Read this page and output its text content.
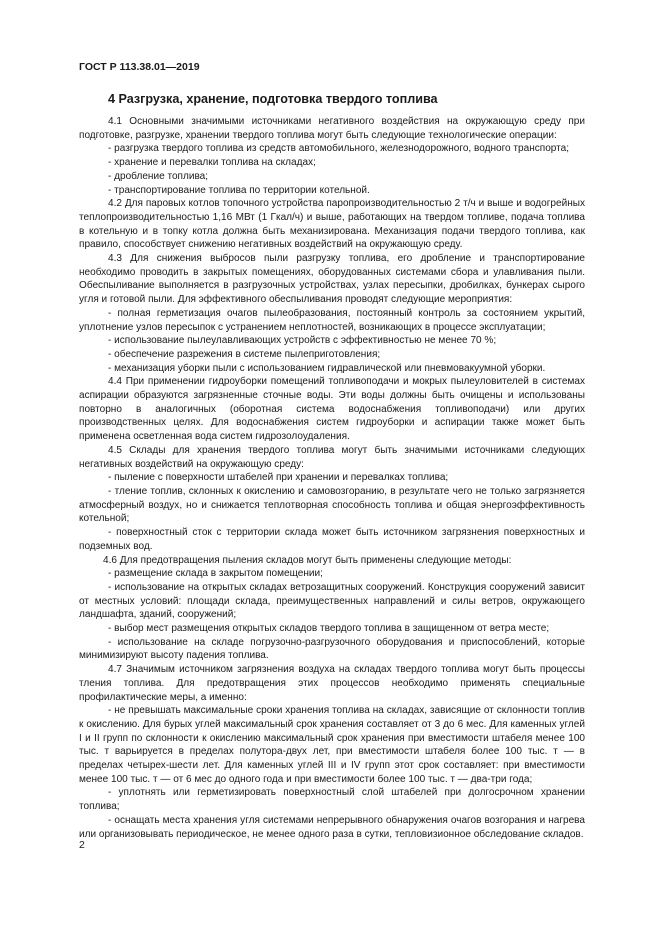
ГОСТ Р 113.38.01—2019
4 Разгрузка, хранение, подготовка твердого топлива

4.1 Основными значимыми источниками негативного воздействия на окружающую среду при подготовке, разгрузке, хранении твердого топлива могут быть следующие технологические операции:

- разгрузка твердого топлива из средств автомобильного, железнодорожного, водного транспорта;

- хранение и перевалки топлива на складах;

- дробление топлива;

- транспортирование топлива по территории котельной.

4.2 Для паровых котлов топочного устройства паропроизводительностью 2 т/ч и выше и водогрейных теплопроизводительностью 1,16 МВт (1 Гкал/ч) и выше, работающих на твердом топливе, подача топлива в котельную и в топку котла должна быть механизирована. Механизация подачи твердого топлива, как правило, способствует снижению негативных воздействий на окружающую среду.

4.3 Для снижения выбросов пыли разгрузку топлива, его дробление и транспортирование необходимо проводить в закрытых помещениях, оборудованных системами сбора и улавливания пыли. Обеспыливание выполняется в разгрузочных устройствах, узлах пересыпки, дробилках, бункерах сырого угля и готовой пыли. Для эффективного обеспыливания проводят следующие мероприятия:

- полная герметизация очагов пылеобразования, постоянный контроль за состоянием укрытий, уплотнение узлов пересыпок с устранением неплотностей, возникающих в процессе эксплуатации;

- использование пылеулавливающих устройств с эффективностью не менее 70 %;

- обеспечение разрежения в системе пылеприготовления;

- механизация уборки пыли с использованием гидравлической или пневмовакуумной уборки.

4.4 При применении гидроуборки помещений топливоподачи и мокрых пылеуловителей в системах аспирации образуются загрязненные сточные воды. Эти воды должны быть очищены и использованы повторно в аналогичных (оборотная система водоснабжения топливоподачи) или других производственных целях. Для водоснабжения систем гидроуборки и аспирации также может быть применена осветленная вода систем гидрозолоудаления.

4.5 Склады для хранения твердого топлива могут быть значимыми источниками следующих негативных воздействий на окружающую среду:

- пыление с поверхности штабелей при хранении и перевалках топлива;

- тление топлив, склонных к окислению и самовозгоранию, в результате чего не только загрязняется атмосферный воздух, но и снижается теплотворная способность топлива и общая энергоэффективность котельной;

- поверхностный сток с территории склада может быть источником загрязнения поверхностных и подземных вод.

4.6 Для предотвращения пыления складов могут быть применены следующие методы:

- размещение склада в закрытом помещении;

- использование на открытых складах ветрозащитных сооружений. Конструкция сооружений зависит от местных условий: площади склада, преимущественных направлений и силы ветров, окружающего ландшафта, зданий, сооружений;

- выбор мест размещения открытых складов твердого топлива в защищенном от ветра месте;

- использование на складе погрузочно-разгрузочного оборудования и приспособлений, которые минимизируют высоту падения топлива.

4.7 Значимым источником загрязнения воздуха на складах твердого топлива могут быть процессы тления топлива. Для предотвращения этих процессов необходимо применять специальные профилактические меры, а именно:

- не превышать максимальные сроки хранения топлива на складах, зависящие от склонности топлив к окислению. Для бурых углей максимальный срок хранения составляет от 3 до 6 мес. Для каменных углей I и II групп по склонности к окислению максимальный срок хранения при вместимости штабеля менее 100 тыс. т варьируется в пределах полутора-двух лет, при вместимости штабеля более 100 тыс. т — в пределах четырех-шести лет. Для каменных углей III и IV групп этот срок составляет: при вместимости менее 100 тыс. т — от 6 мес до одного года и при вместимости более 100 тыс. т — два-три года;

- уплотнять или герметизировать поверхностный слой штабелей при долгосрочном хранении топлива;

- оснащать места хранения угля системами непрерывного обнаружения очагов возгорания и нагрева или организовывать периодическое, не менее одного раза в сутки, тепловизионное обследование складов.

2
